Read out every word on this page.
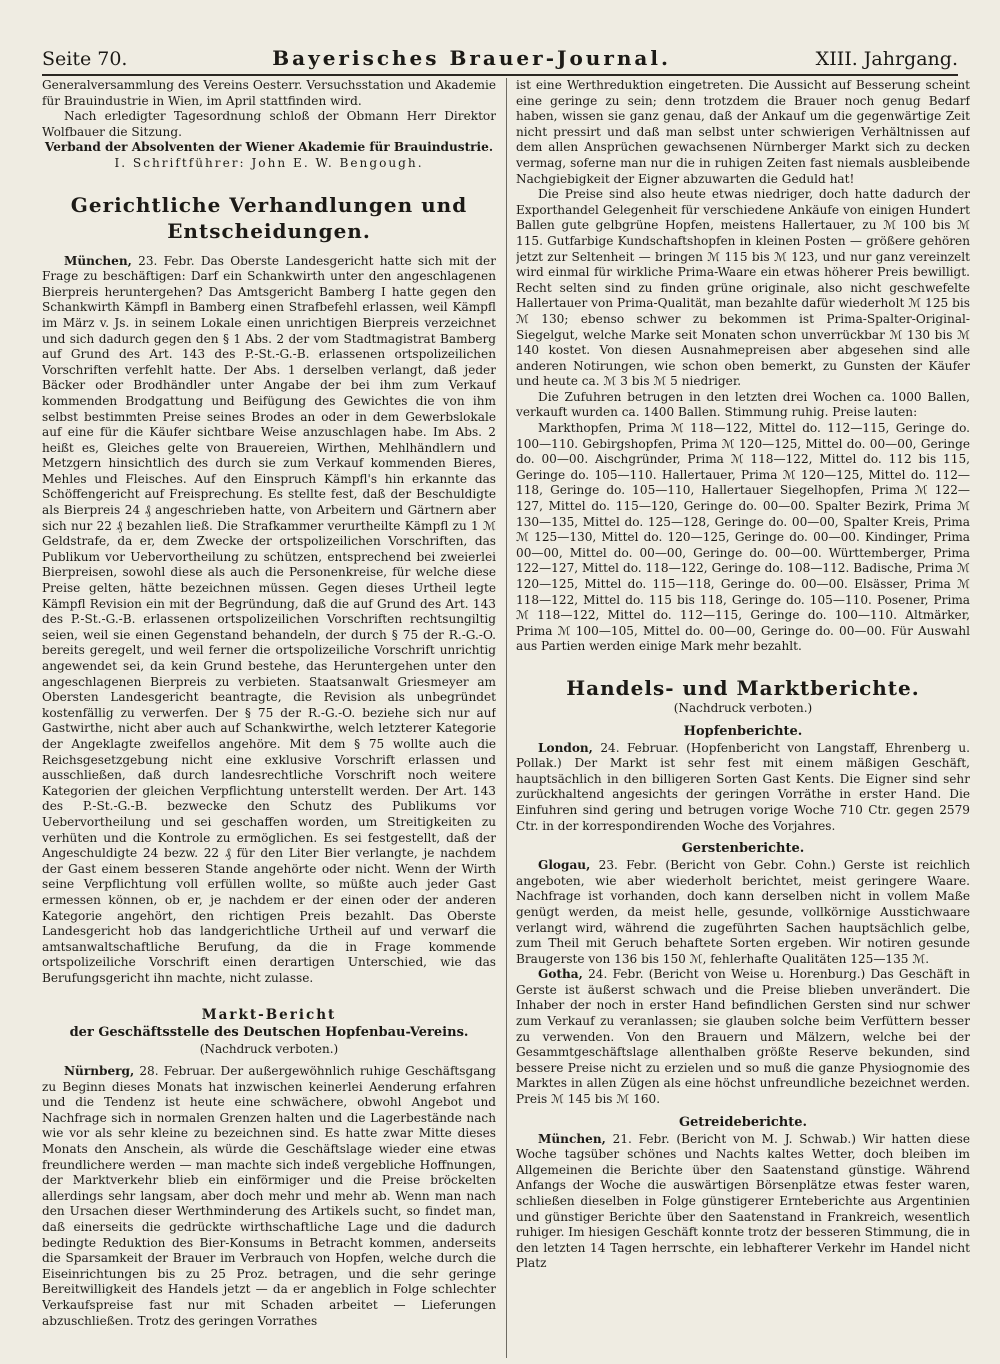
Seite 70.	Bayerisches Brauer-Journal.	XIII. Jahrgang.

Generalversammlung des Vereins Oesterr. Versuchsstation und Akademie für Brauindustrie in Wien, im April stattfinden wird.

Nach erledigter Tagesordnung schloß der Obmann Herr Direktor Wolfbauer die Sitzung.

Verband der Absolventen der Wiener Akademie für Brauindustrie.

I. Schriftführer: John E. W. Bengough.

Gerichtliche Verhandlungen und Entscheidungen.

München, 23. Febr. Das Oberste Landesgericht hatte sich mit der Frage zu beschäftigen: Darf ein Schankwirth unter den angeschlagenen Bierpreis heruntergehen? Das Amtsgericht Bamberg I hatte gegen den Schankwirth Kämpfl in Bamberg einen Strafbefehl erlassen, weil Kämpfl im März v. Js. in seinem Lokale einen unrichtigen Bierpreis verzeichnet und sich dadurch gegen den § 1 Abs. 2 der vom Stadtmagistrat Bamberg auf Grund des Art. 143 des P.-St.-G.-B. erlassenen ortspolizeilichen Vorschriften verfehlt hatte. Der Abs. 1 derselben verlangt, daß jeder Bäcker oder Brodhändler unter Angabe der bei ihm zum Verkauf kommenden Brodgattung und Beifügung des Gewichtes die von ihm selbst bestimmten Preise seines Brodes an oder in dem Gewerbslokale auf eine für die Käufer sichtbare Weise anzuschlagen habe. Im Abs. 2 heißt es, Gleiches gelte von Brauereien, Wirthen, Mehlhändlern und Metzgern hinsichtlich des durch sie zum Verkauf kommenden Bieres, Mehles und Fleisches. Auf den Einspruch Kämpfl's hin erkannte das Schöffengericht auf Freisprechung. Es stellte fest, daß der Beschuldigte als Bierpreis 24 ₰ angeschrieben hatte, von Arbeitern und Gärtnern aber sich nur 22 ₰ bezahlen ließ. Die Strafkammer verurtheilte Kämpfl zu 1 ℳ Geldstrafe, da er, dem Zwecke der ortspolizeilichen Vorschriften, das Publikum vor Uebervortheilung zu schützen, entsprechend bei zweierlei Bierpreisen, sowohl diese als auch die Personenkreise, für welche diese Preise gelten, hätte bezeichnen müssen. Gegen dieses Urtheil legte Kämpfl Revision ein mit der Begründung, daß die auf Grund des Art. 143 des P.-St.-G.-B. erlassenen ortspolizeilichen Vorschriften rechtsungiltig seien, weil sie einen Gegenstand behandeln, der durch § 75 der R.-G.-O. bereits geregelt, und weil ferner die ortspolizeiliche Vorschrift unrichtig angewendet sei, da kein Grund bestehe, das Heruntergehen unter den angeschlagenen Bierpreis zu verbieten. Staatsanwalt Griesmeyer am Obersten Landesgericht beantragte, die Revision als unbegründet kostenfällig zu verwerfen. Der § 75 der R.-G.-O. beziehe sich nur auf Gastwirthe, nicht aber auch auf Schankwirthe, welch letzterer Kategorie der Angeklagte zweifellos angehöre. Mit dem § 75 wollte auch die Reichsgesetzgebung nicht eine exklusive Vorschrift erlassen und ausschließen, daß durch landesrechtliche Vorschrift noch weitere Kategorien der gleichen Verpflichtung unterstellt werden. Der Art. 143 des P.-St.-G.-B. bezwecke den Schutz des Publikums vor Uebervortheilung und sei geschaffen worden, um Streitigkeiten zu verhüten und die Kontrole zu ermöglichen. Es sei festgestellt, daß der Angeschuldigte 24 bezw. 22 ₰ für den Liter Bier verlangte, je nachdem der Gast einem besseren Stande angehörte oder nicht. Wenn der Wirth seine Verpflichtung voll erfüllen wollte, so müßte auch jeder Gast ermessen können, ob er, je nachdem er der einen oder der anderen Kategorie angehört, den richtigen Preis bezahlt. Das Oberste Landesgericht hob das landgerichtliche Urtheil auf und verwarf die amtsanwaltschaftliche Berufung, da die in Frage kommende ortspolizeiliche Vorschrift einen derartigen Unterschied, wie das Berufungsgericht ihn machte, nicht zulasse.

Markt-Bericht
der Geschäftsstelle des Deutschen Hopfenbau-Vereins.
(Nachdruck verboten.)

Nürnberg, 28. Februar. Der außergewöhnlich ruhige Geschäftsgang zu Beginn dieses Monats hat inzwischen keinerlei Aenderung erfahren und die Tendenz ist heute eine schwächere, obwohl Angebot und Nachfrage sich in normalen Grenzen halten und die Lagerbestände nach wie vor als sehr kleine zu bezeichnen sind. Es hatte zwar Mitte dieses Monats den Anschein, als würde die Geschäftslage wieder eine etwas freundlichere werden — man machte sich indeß vergebliche Hoffnungen, der Marktverkehr blieb ein einförmiger und die Preise bröckelten allerdings sehr langsam, aber doch mehr und mehr ab. Wenn man nach den Ursachen dieser Werthminderung des Artikels sucht, so findet man, daß einerseits die gedrückte wirthschaftliche Lage und die dadurch bedingte Reduktion des Bier-Konsums in Betracht kommen, anderseits die Sparsamkeit der Brauer im Verbrauch von Hopfen, welche durch die Eiseinrichtungen bis zu 25 Proz. betragen, und die sehr geringe Bereitwilligkeit des Handels jetzt — da er angeblich in Folge schlechter Verkaufspreise fast nur mit Schaden arbeitet — Lieferungen abzuschließen. Trotz des geringen Vorrathes

ist eine Werthreduktion eingetreten. Die Aussicht auf Besserung scheint eine geringe zu sein; denn trotzdem die Brauer noch genug Bedarf haben, wissen sie ganz genau, daß der Ankauf um die gegenwärtige Zeit nicht pressirt und daß man selbst unter schwierigen Verhältnissen auf dem allen Ansprüchen gewachsenen Nürnberger Markt sich zu decken vermag, soferne man nur die in ruhigen Zeiten fast niemals ausbleibende Nachgiebigkeit der Eigner abzuwarten die Geduld hat!

Die Preise sind also heute etwas niedriger, doch hatte dadurch der Exporthandel Gelegenheit für verschiedene Ankäufe von einigen Hundert Ballen gute gelbgrüne Hopfen, meistens Hallertauer, zu ℳ 100 bis ℳ 115. Gutfarbige Kundschaftshopfen in kleinen Posten — größere gehören jetzt zur Seltenheit — bringen ℳ 115 bis ℳ 123, und nur ganz vereinzelt wird einmal für wirkliche Prima-Waare ein etwas höherer Preis bewilligt. Recht selten sind zu finden grüne originale, also nicht geschwefelte Hallertauer von Prima-Qualität, man bezahlte dafür wiederholt ℳ 125 bis ℳ 130; ebenso schwer zu bekommen ist Prima-Spalter-Original-Siegelgut, welche Marke seit Monaten schon unverrückbar ℳ 130 bis ℳ 140 kostet. Von diesen Ausnahmepreisen aber abgesehen sind alle anderen Notirungen, wie schon oben bemerkt, zu Gunsten der Käufer und heute ca. ℳ 3 bis ℳ 5 niedriger.

Die Zufuhren betrugen in den letzten drei Wochen ca. 1000 Ballen, verkauft wurden ca. 1400 Ballen. Stimmung ruhig. Preise lauten:

Markthopfen, Prima ℳ 118—122, Mittel do. 112—115, Geringe do. 100—110. Gebirgshopfen, Prima ℳ 120—125, Mittel do. 00—00, Geringe do. 00—00. Aischgründer, Prima ℳ 118—122, Mittel do. 112 bis 115, Geringe do. 105—110. Hallertauer, Prima ℳ 120—125, Mittel do. 112—118, Geringe do. 105—110, Hallertauer Siegelhopfen, Prima ℳ 122—127, Mittel do. 115—120, Geringe do. 00—00. Spalter Bezirk, Prima ℳ 130—135, Mittel do. 125—128, Geringe do. 00—00, Spalter Kreis, Prima ℳ 125—130, Mittel do. 120—125, Geringe do. 00—00. Kindinger, Prima 00—00, Mittel do. 00—00, Geringe do. 00—00. Württemberger, Prima 122—127, Mittel do. 118—122, Geringe do. 108—112. Badische, Prima ℳ 120—125, Mittel do. 115—118, Geringe do. 00—00. Elsässer, Prima ℳ 118—122, Mittel do. 115 bis 118, Geringe do. 105—110. Posener, Prima ℳ 118—122, Mittel do. 112—115, Geringe do. 100—110. Altmärker, Prima ℳ 100—105, Mittel do. 00—00, Geringe do. 00—00. Für Auswahl aus Partien werden einige Mark mehr bezahlt.

Handels- und Marktberichte.
(Nachdruck verboten.)
Hopfenberichte.

London, 24. Februar. (Hopfenbericht von Langstaff, Ehrenberg u. Pollak.) Der Markt ist sehr fest mit einem mäßigen Geschäft, hauptsächlich in den billigeren Sorten Gast Kents. Die Eigner sind sehr zurückhaltend angesichts der geringen Vorräthe in erster Hand. Die Einfuhren sind gering und betrugen vorige Woche 710 Ctr. gegen 2579 Ctr. in der korrespondirenden Woche des Vorjahres.

Gerstenberichte.

Glogau, 23. Febr. (Bericht von Gebr. Cohn.) Gerste ist reichlich angeboten, wie aber wiederholt berichtet, meist geringere Waare. Nachfrage ist vorhanden, doch kann derselben nicht in vollem Maße genügt werden, da meist helle, gesunde, vollkörnige Ausstichwaare verlangt wird, während die zugeführten Sachen hauptsächlich gelbe, zum Theil mit Geruch behaftete Sorten ergeben. Wir notiren gesunde Braugerste von 136 bis 150 ℳ, fehlerhafte Qualitäten 125—135 ℳ.

Gotha, 24. Febr. (Bericht von Weise u. Horenburg.) Das Geschäft in Gerste ist äußerst schwach und die Preise blieben unverändert. Die Inhaber der noch in erster Hand befindlichen Gersten sind nur schwer zum Verkauf zu veranlassen; sie glauben solche beim Verfüttern besser zu verwenden. Von den Brauern und Mälzern, welche bei der Gesammtgeschäftslage allenthalben größte Reserve bekunden, sind bessere Preise nicht zu erzielen und so muß die ganze Physiognomie des Marktes in allen Zügen als eine höchst unfreundliche bezeichnet werden. Preis ℳ 145 bis ℳ 160.

Getreideberichte.

München, 21. Febr. (Bericht von M. J. Schwab.) Wir hatten diese Woche tagsüber schönes und Nachts kaltes Wetter, doch bleiben im Allgemeinen die Berichte über den Saatenstand günstige. Während Anfangs der Woche die auswärtigen Börsenplätze etwas fester waren, schließen dieselben in Folge günstigerer Ernteberichte aus Argentinien und günstiger Berichte über den Saatenstand in Frankreich, wesentlich ruhiger. Im hiesigen Geschäft konnte trotz der besseren Stimmung, die in den letzten 14 Tagen herrschte, ein lebhafterer Verkehr im Handel nicht Platz
